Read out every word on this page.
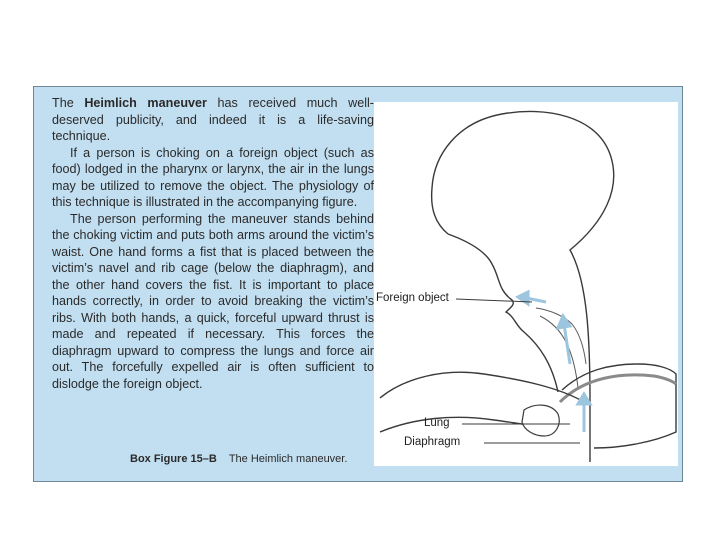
The Heimlich maneuver has received much well-deserved publicity, and indeed it is a life-saving technique.

If a person is choking on a foreign object (such as food) lodged in the pharynx or larynx, the air in the lungs may be utilized to remove the object. The physiology of this technique is illustrated in the accompanying figure.

The person performing the maneuver stands behind the choking victim and puts both arms around the victim’s waist. One hand forms a fist that is placed between the victim’s navel and rib cage (below the diaphragm), and the other hand covers the fist. It is important to place hands correctly, in order to avoid breaking the victim’s ribs. With both hands, a quick, forceful upward thrust is made and repeated if necessary. This forces the diaphragm upward to compress the lungs and force air out. The forcefully expelled air is often sufficient to dislodge the foreign object.

Box Figure 15–B The Heimlich maneuver.
Foreign object
Lung
Diaphragm
